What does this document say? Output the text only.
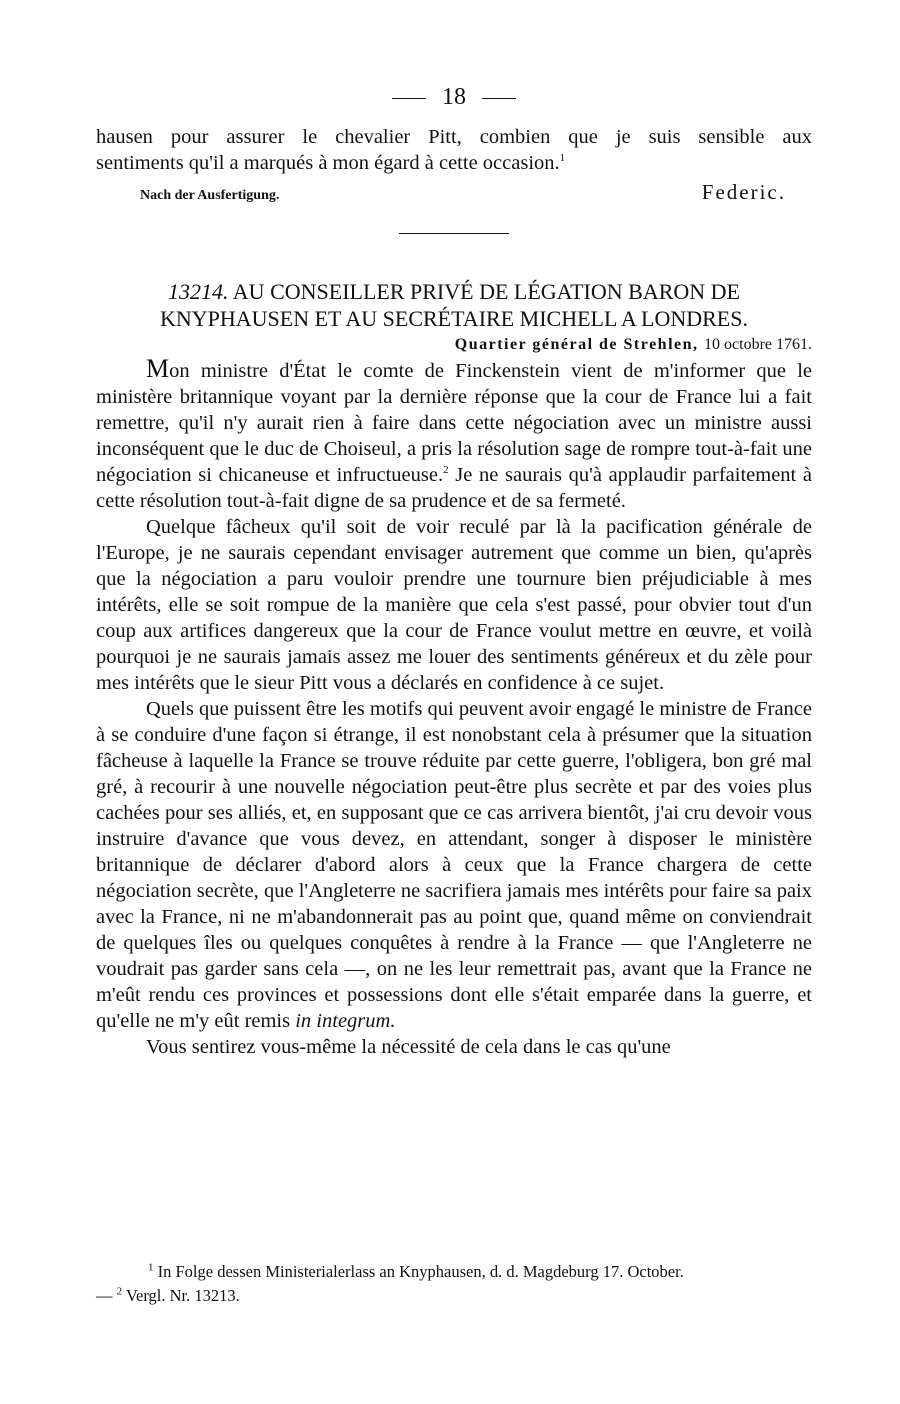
18

hausen pour assurer le chevalier Pitt, combien que je suis sensible aux

sentiments qu'il a marqués à mon égard à cette occasion.$^1$

Nach der Ausfertigung.	Federic.

13214. AU CONSEILLER PRIVÉ DE LÉGATION BARON DE

KNYPHAUSEN ET AU SECRÉTAIRE MICHELL A LONDRES.

Quartier général de Strehlen, 10 octobre 1761.

Mon ministre d'État le comte de Finckenstein vient de m'informer que le ministère britannique voyant par la dernière réponse que la cour de France lui a fait remettre, qu'il n'y aurait rien à faire dans cette négociation avec un ministre aussi inconséquent que le duc de Choiseul, a pris la résolution sage de rompre tout-à-fait une négociation si chicaneuse et infructueuse.$^2$ Je ne saurais qu'à applaudir parfaitement à cette résolution tout-à-fait digne de sa prudence et de sa fermeté.

Quelque fâcheux qu'il soit de voir reculé par là la pacification générale de l'Europe, je ne saurais cependant envisager autrement que comme un bien, qu'après que la négociation a paru vouloir prendre une tournure bien préjudiciable à mes intérêts, elle se soit rompue de la manière que cela s'est passé, pour obvier tout d'un coup aux artifices dangereux que la cour de France voulut mettre en œuvre, et voilà pourquoi je ne saurais jamais assez me louer des sentiments généreux et du zèle pour mes intérêts que le sieur Pitt vous a déclarés en confidence à ce sujet.

Quels que puissent être les motifs qui peuvent avoir engagé le ministre de France à se conduire d'une façon si étrange, il est nonobstant cela à présumer que la situation fâcheuse à laquelle la France se trouve réduite par cette guerre, l'obligera, bon gré mal gré, à recourir à une nouvelle négociation peut-être plus secrète et par des voies plus cachées pour ses alliés, et, en supposant que ce cas arrivera bientôt, j'ai cru devoir vous instruire d'avance que vous devez, en attendant, songer à disposer le ministère britannique de déclarer d'abord alors à ceux que la France chargera de cette négociation secrète, que l'Angleterre ne sacrifiera jamais mes intérêts pour faire sa paix avec la France, ni ne m'abandonnerait pas au point que, quand même on conviendrait de quelques îles ou quelques conquêtes à rendre à la France — que l'Angleterre ne voudrait pas garder sans cela —, on ne les leur remettrait pas, avant que la France ne m'eût rendu ces provinces et possessions dont elle s'était emparée dans la guerre, et qu'elle ne m'y eût remis in integrum.

Vous sentirez vous-même la nécessité de cela dans le cas qu'une

$^1$ In Folge dessen Ministerialerlass an Knyphausen, d. d. Magdeburg 17. October.

— $^2$ Vergl. Nr. 13213.
